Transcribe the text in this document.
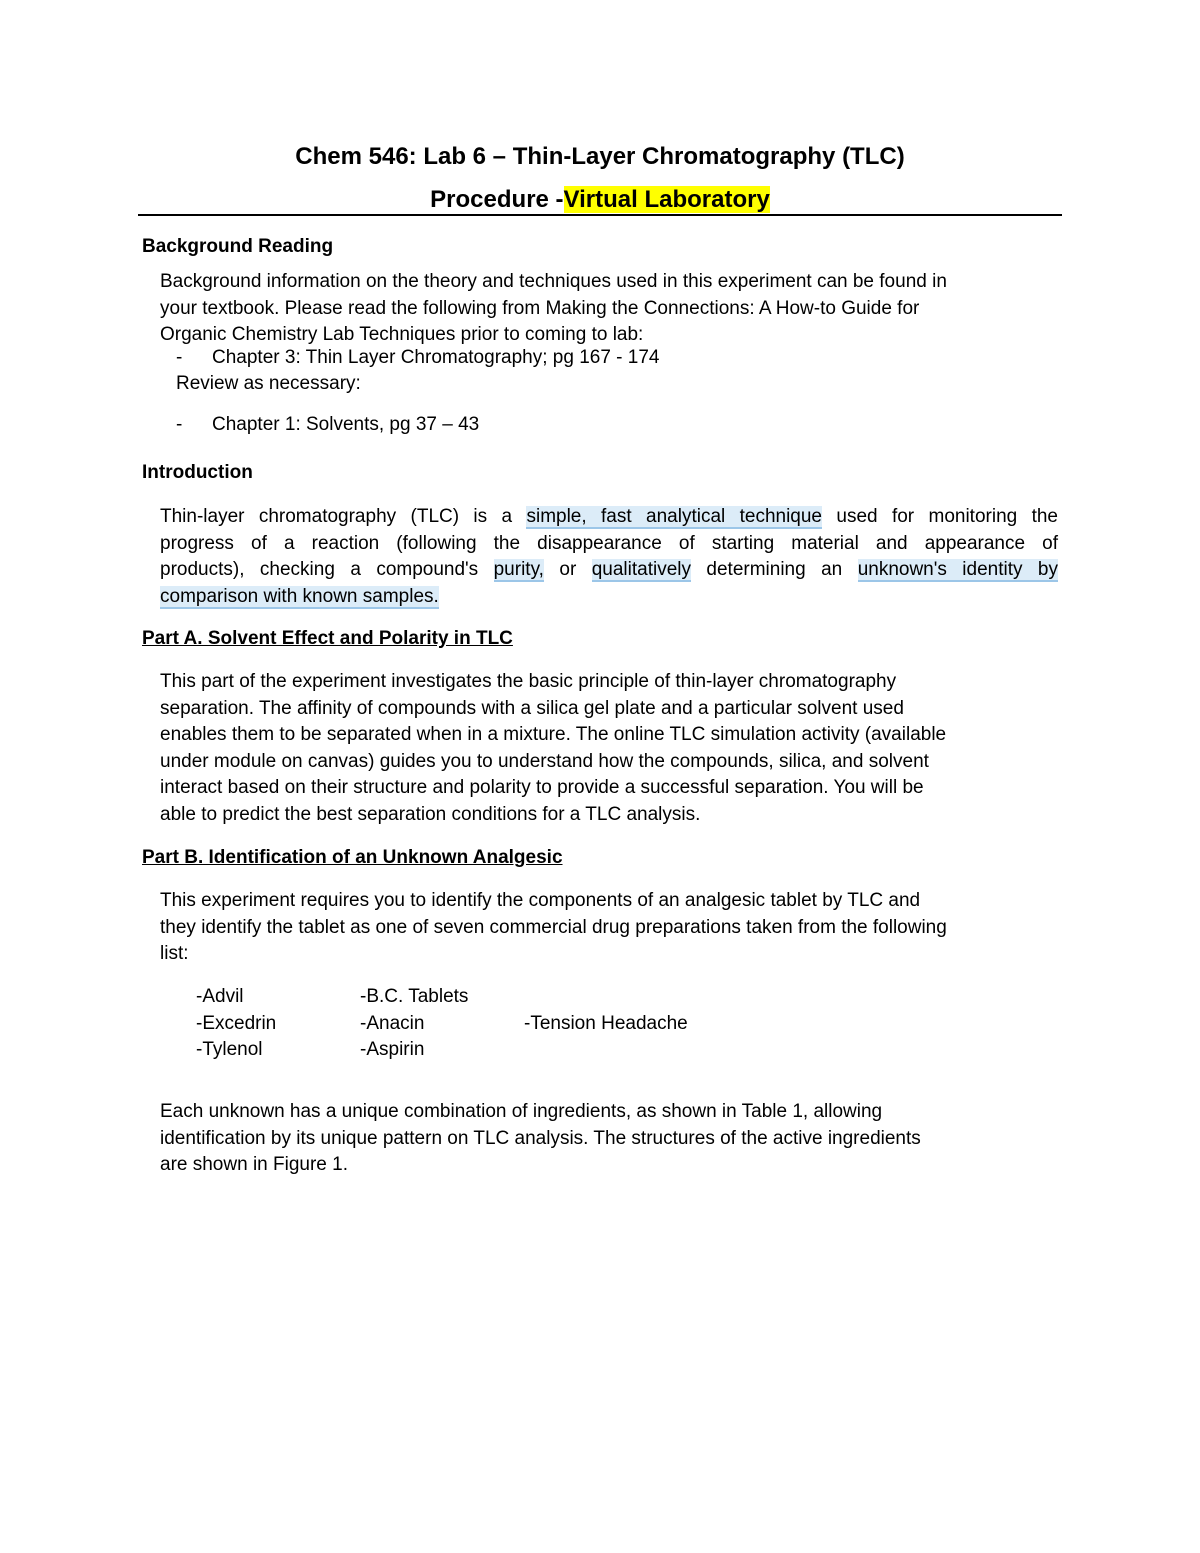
Chem 546: Lab 6 – Thin-Layer Chromatography (TLC)
Procedure -Virtual Laboratory
Background Reading
Background information on the theory and techniques used in this experiment can be found in
your textbook. Please read the following from Making the Connections: A How-to Guide for
Organic Chemistry Lab Techniques prior to coming to lab:
- Chapter 3: Thin Layer Chromatography; pg 167 - 174
Review as necessary:
- Chapter 1: Solvents, pg 37 – 43
Introduction
Thin-layer chromatography (TLC) is a simple, fast analytical technique used for monitoring the
progress of a reaction (following the disappearance of starting material and appearance of
products), checking a compound's purity, or qualitatively determining an unknown's identity by
comparison with known samples.
Part A. Solvent Effect and Polarity in TLC
This part of the experiment investigates the basic principle of thin-layer chromatography
separation. The affinity of compounds with a silica gel plate and a particular solvent used
enables them to be separated when in a mixture. The online TLC simulation activity (available
under module on canvas) guides you to understand how the compounds, silica, and solvent
interact based on their structure and polarity to provide a successful separation. You will be
able to predict the best separation conditions for a TLC analysis.
Part B. Identification of an Unknown Analgesic
This experiment requires you to identify the components of an analgesic tablet by TLC and
they identify the tablet as one of seven commercial drug preparations taken from the following
list:
-Advil
-Excedrin
-Tylenol
-B.C. Tablets
-Anacin
-Aspirin
-Tension Headache
Each unknown has a unique combination of ingredients, as shown in Table 1, allowing
identification by its unique pattern on TLC analysis. The structures of the active ingredients
are shown in Figure 1.
